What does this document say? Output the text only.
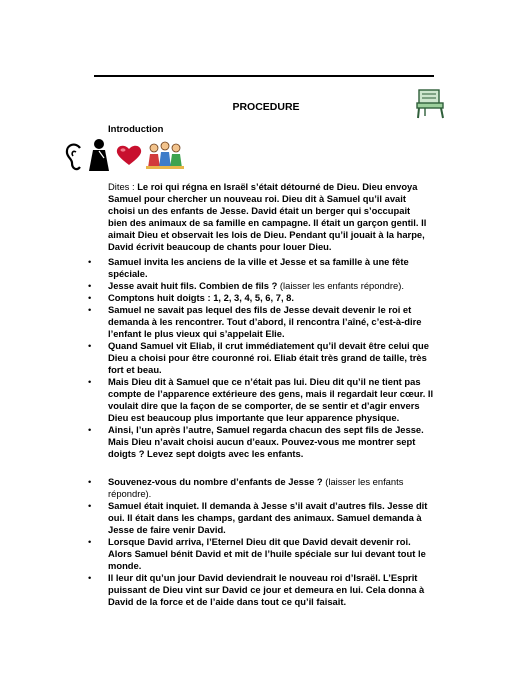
PROCEDURE
Introduction
Dites : Le roi qui régna en Israël s’était détourné de Dieu. Dieu envoya Samuel pour chercher un nouveau roi. Dieu dit à Samuel qu’il avait choisi un des enfants de Jesse. David était un berger qui s’occupait bien des animaux de sa famille en campagne. Il était un garçon gentil. Il aimait Dieu et observait les lois de Dieu. Pendant qu’il jouait à la harpe, David écrivit beaucoup de chants pour louer Dieu.
• Samuel invita les anciens de la ville et Jesse et sa famille à une fête spéciale.
• Jesse avait huit fils. Combien de fils ? (laisser les enfants répondre).
• Comptons huit doigts : 1, 2, 3, 4, 5, 6, 7, 8.
• Samuel ne savait pas lequel des fils de Jesse devait devenir le roi et demanda à les rencontrer. Tout d’abord, il rencontra l’aîné, c’est-à-dire l’enfant le plus vieux qui s’appelait Elie.
• Quand Samuel vit Eliab, il crut immédiatement qu’il devait être celui que Dieu a choisi pour être couronné roi. Eliab était très grand de taille, très fort et beau.
• Mais Dieu dit à Samuel que ce n’était pas lui. Dieu dit qu’il ne tient pas compte de l’apparence extérieure des gens, mais il regardait leur cœur. Il voulait dire que la façon de se comporter, de se sentir et d’agir envers Dieu est beaucoup plus importante que leur apparence physique.
• Ainsi, l’un après l’autre, Samuel regarda chacun des sept fils de Jesse. Mais Dieu n’avait choisi aucun d’eaux. Pouvez-vous me montrer sept doigts ? Levez sept doigts avec les enfants.
• Souvenez-vous du nombre d’enfants de Jesse ? (laisser les enfants répondre).
• Samuel était inquiet. Il demanda à Jesse s’il avait d’autres fils. Jesse dit oui. Il était dans les champs, gardant des animaux. Samuel demanda à Jesse de faire venir David.
• Lorsque David arriva, l’Eternel Dieu dit que David devait devenir roi. Alors Samuel bénit David et mit de l’huile spéciale sur lui devant tout le monde.
• Il leur dit qu’un jour David deviendrait le nouveau roi d’Israël. L’Esprit puissant de Dieu vint sur David ce jour et demeura en lui. Cela donna à David de la force et de l’aide dans tout ce qu’il faisait.
